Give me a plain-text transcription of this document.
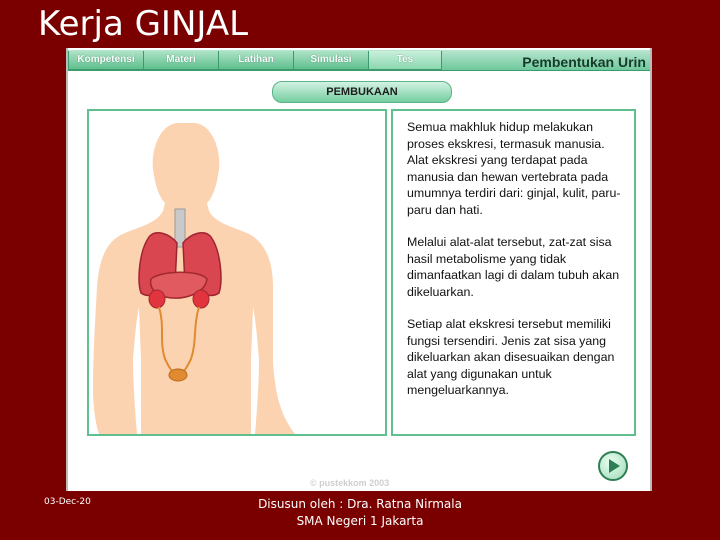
Kerja GINJAL
Kompetensi	Materi	Latihan	Simulasi	Tes	Pembentukan Urin
PEMBUKAAN

Semua makhluk hidup melakukan proses ekskresi, termasuk manusia. Alat ekskresi yang terdapat pada manusia dan hewan vertebrata pada umumnya terdiri dari: ginjal, kulit, paru-paru dan hati.

Melalui alat-alat tersebut, zat-zat sisa hasil metabolisme yang tidak dimanfaatkan lagi di dalam tubuh akan dikeluarkan.

Setiap alat ekskresi tersebut memiliki fungsi tersendiri. Jenis zat sisa yang dikeluarkan akan disesuaikan dengan alat yang digunakan untuk mengeluarkannya.

© pustekkom 2003
03-Dec-20	Disusun oleh : Dra. Ratna Nirmala
SMA Negeri 1 Jakarta
